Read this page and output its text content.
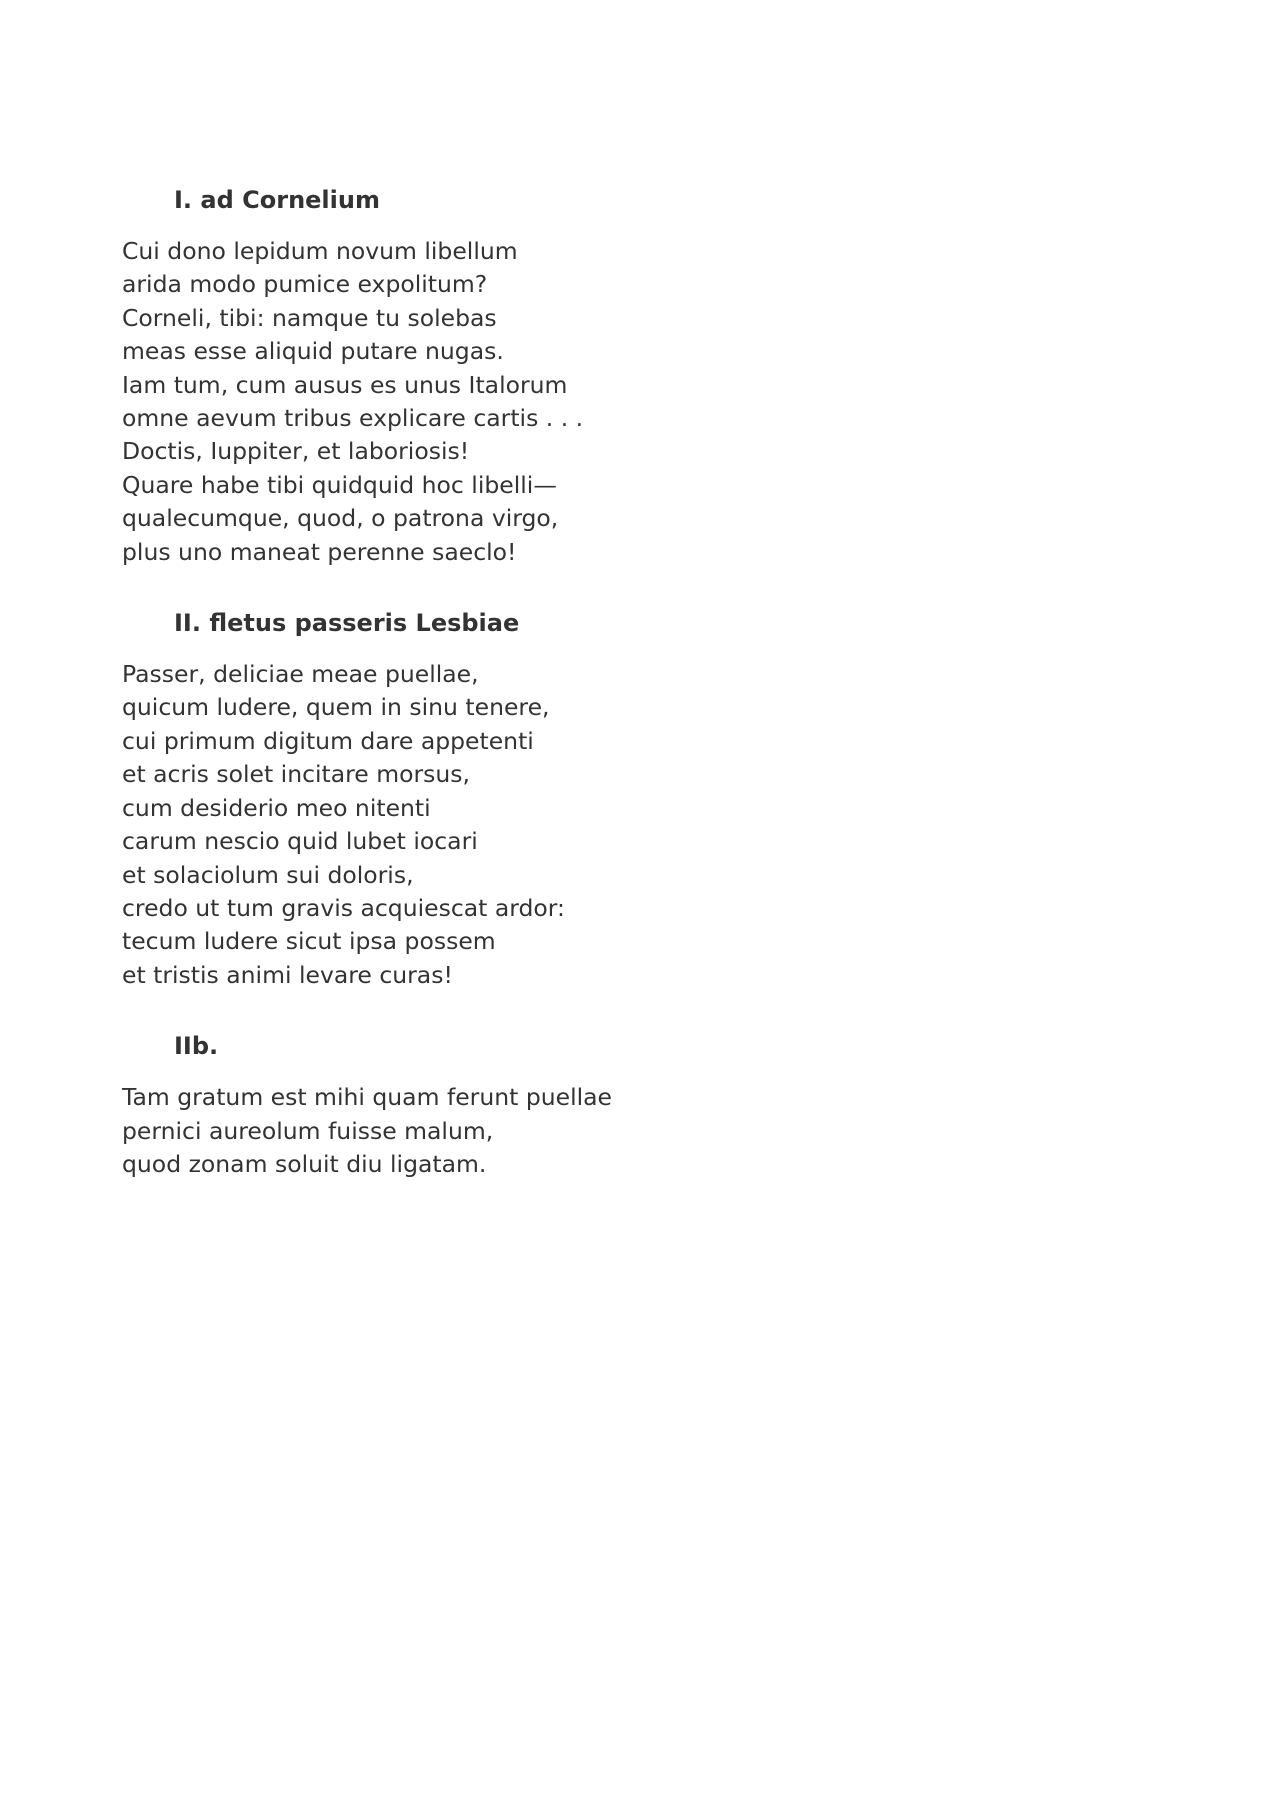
I. ad Cornelium
Cui dono lepidum novum libellum
arida modo pumice expolitum?
Corneli, tibi: namque tu solebas
meas esse aliquid putare nugas.
Iam tum, cum ausus es unus Italorum
omne aevum tribus explicare cartis . . .
Doctis, Iuppiter, et laboriosis!
Quare habe tibi quidquid hoc libelli—
qualecumque, quod, o patrona virgo,
plus uno maneat perenne saeclo!
II. fletus passeris Lesbiae
Passer, deliciae meae puellae,
quicum ludere, quem in sinu tenere,
cui primum digitum dare appetenti
et acris solet incitare morsus,
cum desiderio meo nitenti
carum nescio quid lubet iocari
et solaciolum sui doloris,
credo ut tum gravis acquiescat ardor:
tecum ludere sicut ipsa possem
et tristis animi levare curas!
IIb.
Tam gratum est mihi quam ferunt puellae
pernici aureolum fuisse malum,
quod zonam soluit diu ligatam.
